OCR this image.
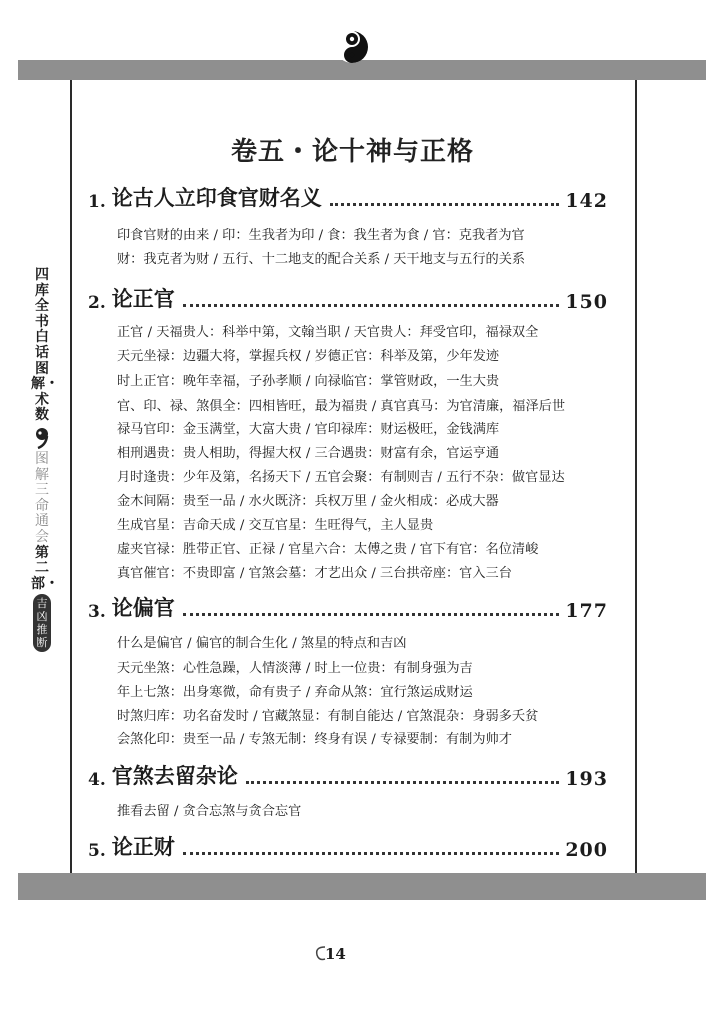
四库全书白话图解・术数
图解三命通会
第二部・
吉凶推断
卷五・论十神与正格
1. 论古人立印食官财名义	142
印食官财的由来 / 印：生我者为印 / 食：我生者为食 / 官：克我者为官
财：我克者为财 / 五行、十二地支的配合关系 / 天干地支与五行的关系
2. 论正官	150
正官 / 天福贵人：科举中第，文翰当职 / 天官贵人：拜受官印，福禄双全
天元坐禄：边疆大将，掌握兵权 / 岁德正官：科举及第，少年发迹
时上正官：晚年幸福，子孙孝顺 / 向禄临官：掌管财政，一生大贵
官、印、禄、煞俱全：四相皆旺，最为福贵 / 真官真马：为官清廉，福泽后世
禄马官印：金玉满堂，大富大贵 / 官印禄库：财运极旺，金钱满库
相刑遇贵：贵人相助，得握大权 / 三合遇贵：财富有余，官运亨通
月时逢贵：少年及第，名扬天下 / 五官会聚：有制则吉 / 五行不杂：做官显达
金木间隔：贵至一品 / 水火既济：兵权万里 / 金火相成：必成大器
生成官星：吉命天成 / 交互官星：生旺得气，主人显贵
虚夹官禄：胜带正官、正禄 / 官星六合：太傅之贵 / 官下有官：名位清峻
真官催官：不贵即富 / 官煞会墓：才艺出众 / 三台拱帝座：官入三台
3. 论偏官	177
什么是偏官 / 偏官的制合生化 / 煞星的特点和吉凶
天元坐煞：心性急躁，人情淡薄 / 时上一位贵：有制身强为吉
年上七煞：出身寒微，命有贵子 / 弃命从煞：宜行煞运成财运
时煞归库：功名奋发时 / 官藏煞显：有制自能达 / 官煞混杂：身弱多夭贫
会煞化印：贵至一品 / 专煞无制：终身有误 / 专禄要制：有制为帅才
4. 官煞去留杂论	193
推看去留 / 贪合忘煞与贪合忘官
5. 论正财	200
14
